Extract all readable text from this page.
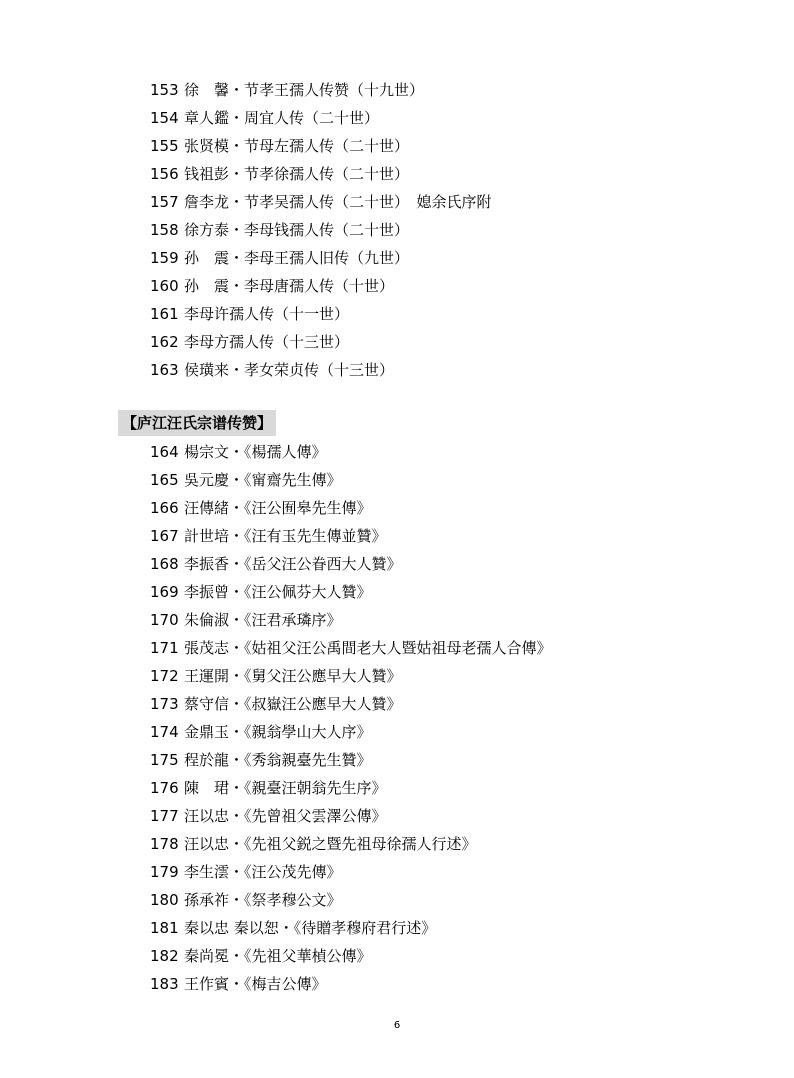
153 徐　馨・节孝王孺人传赞（十九世）
154 章人鑑・周宜人传（二十世）
155 张贤模・节母左孺人传（二十世）
156 钱祖彭・节孝徐孺人传（二十世）
157 詹李龙・节孝吴孺人传（二十世）　媳余氏序附
158 徐方泰・李母钱孺人传（二十世）
159 孙　震・李母王孺人旧传（九世）
160 孙　震・李母唐孺人传（十世）
161 李母许孺人传（十一世）
162 李母方孺人传（十三世）
163 侯璜来・孝女荣贞传（十三世）
【庐江汪氏宗谱传赞】
164 楊宗文・《楊孺人傳》
165 吳元慶・《甯齋先生傳》
166 汪傳緒・《汪公囿皋先生傳》
167 計世培・《汪有玉先生傳並贊》
168 李振香・《岳父汪公眷西大人贊》
169 李振曾・《汪公佩芬大人贊》
170 朱倫淑・《汪君承璘序》
171 張茂志・《姑祖父汪公禹間老大人暨姑祖母老孺人合傳》
172 王運開・《舅父汪公應早大人贊》
173 蔡守信・《叔嶽汪公應早大人贊》
174 金鼎玉・《親翁學山大人序》
175 程於龍・《秀翁親臺先生贊》
176 陳　珺・《親臺汪朝翁先生序》
177 汪以忠・《先曾祖父雲澤公傳》
178 汪以忠・《先祖父鋭之暨先祖母徐孺人行述》
179 李生澐・《汪公茂先傳》
180 孫承祚・《祭孝穆公文》
181 秦以忠 秦以恕・《待贈孝穆府君行述》
182 秦尚冕・《先祖父華楨公傳》
183 王作賓・《梅吉公傳》
6
